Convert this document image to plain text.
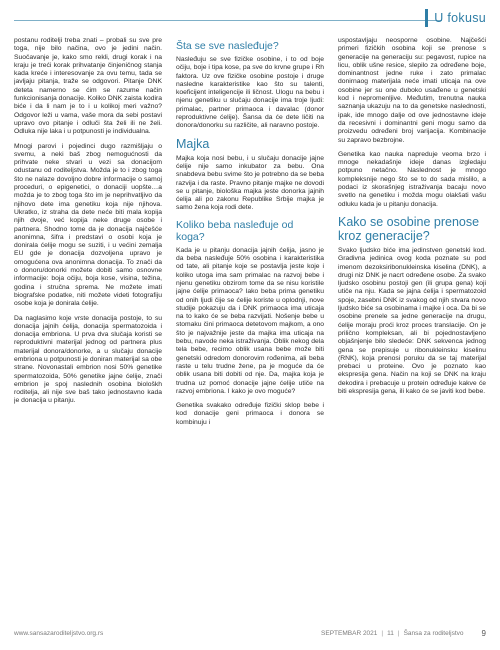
U fokusu

postanu roditelji treba znati – probali su sve pre toga, nije bilo načina, ovo je jedini način. Suočavanje je, kako smo rekli, drugi korak i na kraju je treći korak prihvatanje činjeničnog stanja kada kreće i interesovanje za ovu temu, tada se javljaju pitanja, traže se odgovori. Pitanje DNK deteta namerno se ćim se razume način funkcionisanja donacije. Koliko DNK zaista kodira biće i da li nam je to i u kolikoj meri važno? Odgovor leži u vama, vaše mora da sebi postavi upravo ovo pitanje i odluči šta želi ili ne želi. Odluka nije laka i u potpunosti je individualna.

Mnogi parovi i pojedinci dugo razmišljaju o svemu, a neki baš zbog nemogućnosti da prihvate neke stvari u vezi sa donacijom odustanu od roditeljstva. Možda je to i zbog toga što ne nalaze dovoljno dobre informacije o samoj proceduri, o epigenetici, o donaciji uopšte…a možda je to zbog toga što im je neprihvatljivo da njihovo dete ima genetiku koja nije njihova. Ukratko, iz straha da dete neće biti mala kopija njih dvoje, već kopija neke druge osobe i partnera. Shodno tome da je donacija najčešće anonimna, šifra i predstavi o osobi koja je donirala ćelije mogu se suziti, i u većini zemalja EU gde je donacija dozvoljena upravo je omogućena ova anonimna donacija. To znači da o donoru/donorki možete dobiti samo osnovne informacije: boja očiju, boja kose, visina, težina, godina i stručna sprema. Ne možete imati biografske podatke, niti možete videti fotografiju osobe koja je donirala ćelije.

Da naglasimo koje vrste donacija postoje, to su donacija jajnih ćelija, donacija spermatozoida i donacija embriona. U prva dva slučaja koristi se reproduktivni materijal jednog od partnera plus materijal donora/donorke, a u slučaju donacije embriona u potpunosti je doniran materijal sa obe strane. Novonastali embrion nosi 50% genetike spermatozoida, 50% genetike jajne ćelije, znači embrion je spoj naslednih osobina biološkh roditelja, ali nije sve baš tako jednostavno kada je donacija u pitanju.

Šta se sve nasleđuje?

Nasleđuju se sve fizičke osobine, i to od boje očiju, boje i tipa kose, pa sve do krvne grupe i Rh faktora. Uz ove fizičke osobine postoje i druge nasledne karakteristike kao što su talenti, koeficijent inteligencije ili ličnost. Ulogu na bebu i njenu genetiku u slučaju donacije ima troje ljudi: primalac, partner primaoca i davalac (donor reproduktivne ćelije). Šansa da će dete ličiti na donora/donorku su različite, ali naravno postoje.

Majka

Majka koja nosi bebu, i u slučaju donacije jajne ćelije nije samo inkubator za bebu. Ona snabdeva bebu svime što je potrebno da se beba razvija i da raste. Pravno pitanje majke ne dovodi se u pitanje, biološka majka jeste donorka jajnih ćelija ali po zakonu Republike Srbije majka je samo žena koja rodi dete.

Koliko beba nasleđuje od koga?

Kada je u pitanju donacija jajnih ćelija, jasno je da beba nasleđuje 50% osobina i karakteristika od tate, ali pitanje koje se postavlja jeste koje i koliko utoga ima sam primalac na razvoj bebe i njenu genetiku obzirom tome da se nisu koristile jajne ćelije primaoca? Iako beba prima genetiku od onih ljudi čije se ćelije koriste u oplodnji, nove studije pokazuju da i DNK primaoca ima uticaja na to kako će se beba razvijati. Nošenje bebe u stomaku čini primaoca detetovom majkom, a ono što je najvažnije jeste da majka ima uticaja na bebu, navode neka istraživanja. Oblik nekog dela tela bebe, recimo oblik usana bebe može biti genetski odredom donorovim rođenima, ali beba raste u telu trudne žene, pa je moguće da će oblik usana biti dobiti od nje. Da, majka koja je trudna uz pomoć donacije jajne ćelije utiče na razvoj embriona. I kako je ovo moguće?

Genetika svakako određuje fizički sklop bebe i kod donacije geni primaoca i donora se kombinuju i

uspostavljaju neosporne osobine. Najčešći primeri fizičkih osobina koji se prenose s generacije na generaciju su: pegavost, rupice na licu, oblik ušne resice, slepilo za određene boje, dominantnost jedne ruke i zato primalac donirnaog materijala neće imati uticaja na ove osobine jer su one duboko usađene u genetski kod i nepromenljive. Međutim, trenutna nauka saznanja ukazuju na to da genetske naslednosti, ipak, ide mnogo dalje od ove jednostavne ideje da recesivni i dominantni geni mogu samo da proizvedu određeni broj varijacija. Kombinacije su zapravo bezbrojne.

Genetika kao nauka napreduje veoma brzo i mnoge nekadašnje ideje danas izgledaju potpuno netačno. Naslednost je mnogo kompleksnije nego što se to do sada mislilo, a podaci iz skorašnjeg istraživanja bacaju novo svetlo na genetiku i možda mogu olakšati vašu odluku kada je u pitanju donacija.

Kako se osobine prenose kroz generacije?

Svako ljudsko biće ima jedinstven genetski kod. Gradivna jedinica ovog koda poznate su pod imenom dezoksiribonukleinska kiselina (DNK), a drugi niz DNK je nacrt određene osobe. Za svako ljudsko osobinu postoji gen (ili grupa gena) koji utiče na nju. Kada se jajna ćelija i spermatozoid spoje, zasebni DNK iz svakog od njih stvara novo ljudsko biće sa osobinama i majke i oca. Da bi se osobine prenele sa jedne generacije na drugu, ćelije moraju proći kroz proces translacije. On je prilično kompleksan, ali bi pojednostavljeno objašnjenje bilo sledeće: DNK sekvenca jednog gena se prepisuje u ribonukleinsku kiselinu (RNK), koja prenosi poruku da se taj materijal prebaci u proteine. Ovo je poznato kao ekspresija gena. Način na koji se DNK na kraju dekodira i prebacuje u protein određuje kakve će biti ekspresija gena, ili kako će se javiti kod bebe.

www.sansazaroditeljstvo.org.rs	SEPTEMBAR 2021 | 11 | Šansa za roditeljstvo 9
